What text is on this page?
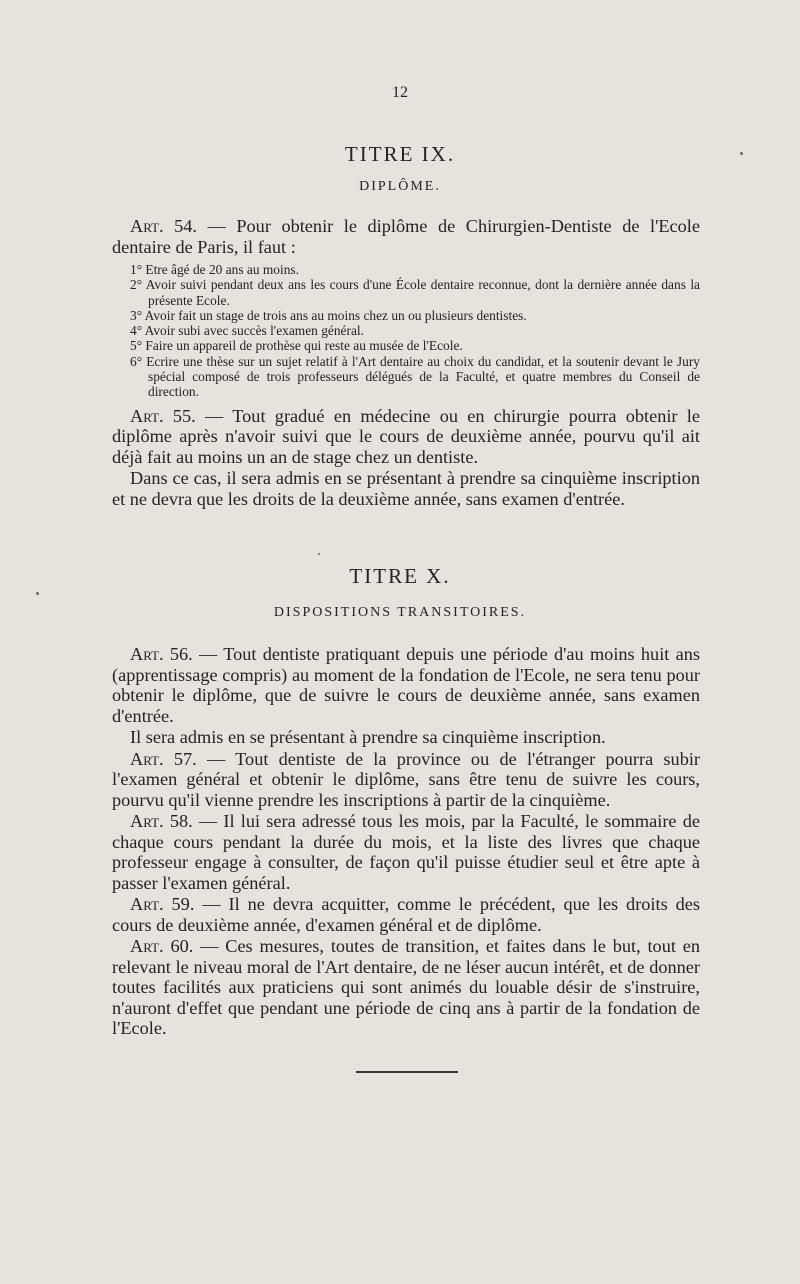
12
TITRE IX.
DIPLÔME.

Art. 54. — Pour obtenir le diplôme de Chirurgien-Dentiste de l'Ecole dentaire de Paris, il faut :

1° Etre âgé de 20 ans au moins.

2° Avoir suivi pendant deux ans les cours d'une École dentaire reconnue, dont la dernière année dans la présente Ecole.

3° Avoir fait un stage de trois ans au moins chez un ou plusieurs dentistes.

4° Avoir subi avec succès l'examen général.

5° Faire un appareil de prothèse qui reste au musée de l'Ecole.

6° Ecrire une thèse sur un sujet relatif à l'Art dentaire au choix du candidat, et la soutenir devant le Jury spécial composé de trois professeurs délégués de la Faculté, et quatre membres du Conseil de direction.

Art. 55. — Tout gradué en médecine ou en chirurgie pourra obtenir le diplôme après n'avoir suivi que le cours de deuxième année, pourvu qu'il ait déjà fait au moins un an de stage chez un dentiste.

Dans ce cas, il sera admis en se présentant à prendre sa cinquième inscription et ne devra que les droits de la deuxième année, sans examen d'entrée.

TITRE X.
DISPOSITIONS TRANSITOIRES.

Art. 56. — Tout dentiste pratiquant depuis une période d'au moins huit ans (apprentissage compris) au moment de la fondation de l'Ecole, ne sera tenu pour obtenir le diplôme, que de suivre le cours de deuxième année, sans examen d'entrée.

Il sera admis en se présentant à prendre sa cinquième inscription.

Art. 57. — Tout dentiste de la province ou de l'étranger pourra subir l'examen général et obtenir le diplôme, sans être tenu de suivre les cours, pourvu qu'il vienne prendre les inscriptions à partir de la cinquième.

Art. 58. — Il lui sera adressé tous les mois, par la Faculté, le sommaire de chaque cours pendant la durée du mois, et la liste des livres que chaque professeur engage à consulter, de façon qu'il puisse étudier seul et être apte à passer l'examen général.

Art. 59. — Il ne devra acquitter, comme le précédent, que les droits des cours de deuxième année, d'examen général et de diplôme.

Art. 60. — Ces mesures, toutes de transition, et faites dans le but, tout en relevant le niveau moral de l'Art dentaire, de ne léser aucun intérêt, et de donner toutes facilités aux praticiens qui sont animés du louable désir de s'instruire, n'auront d'effet que pendant une période de cinq ans à partir de la fondation de l'Ecole.
